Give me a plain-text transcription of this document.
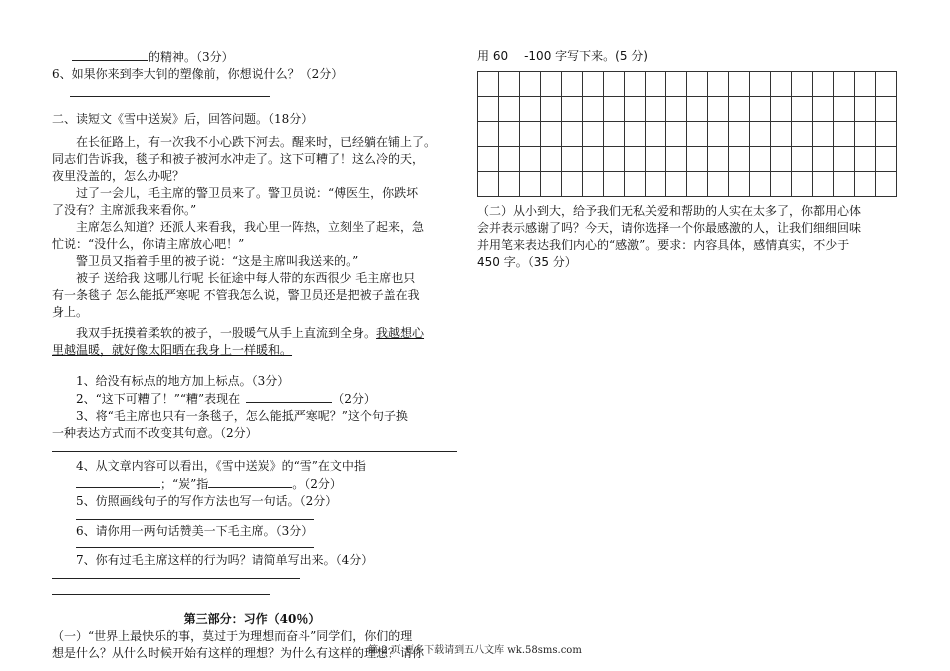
的精神。（3分）
6、如果你来到李大钊的塑像前，你想说什么？（2分）
二、读短文《雪中送炭》后，回答问题。（18分）
在长征路上，有一次我不小心跌下河去。醒来时，已经躺在铺上了。
同志们告诉我，毯子和被子被河水冲走了。这下可糟了！这么冷的天，
夜里没盖的，怎么办呢？
过了一会儿，毛主席的警卫员来了。警卫员说：“傅医生，你跌坏
了没有？主席派我来看你。”
主席怎么知道？还派人来看我，我心里一阵热，立刻坐了起来，急
忙说：“没什么，你请主席放心吧！”
警卫员又指着手里的被子说：“这是主席叫我送来的。”
被子 送给我 这哪儿行呢 长征途中每人带的东西很少 毛主席也只
有一条毯子 怎么能抵严寒呢 不管我怎么说，警卫员还是把被子盖在我
身上。
我双手抚摸着柔软的被子，一股暖气从手上直流到全身。我越想心
里越温暖，就好像太阳晒在我身上一样暖和。
1、给没有标点的地方加上标点。（3分）
2、“这下可糟了！”“糟”表现在	（2分）
3、将“毛主席也只有一条毯子，怎么能抵严寒呢？”这个句子换
一种表达方式而不改变其句意。（2分）
4、从文章内容可以看出，《雪中送炭》的“雪”在文中指
；“炭”指	。（2分）
5、仿照画线句子的写作方法也写一句话。（2分）
6、请你用一两句话赞美一下毛主席。（3分）
7、你有过毛主席这样的行为吗？请简单写出来。（4分）
第三部分：习作（40％）
（一）“世界上最快乐的事，莫过于为理想而奋斗”同学们，你们的理
想是什么？从什么时候开始有这样的理想？为什么有这样的理想？请你
用 60 -100 字写下来。(5 分)

（二）从小到大，给予我们无私关爱和帮助的人实在太多了，你都用心体
会并表示感谢了吗？今天，请你选择一个你最感激的人，让我们细细回味
并用笔来表达我们内心的“感激”。要求：内容具体，感情真实，不少于
450 字。（35 分）
第 2 页 更多下载请到五八文库 wk.58sms.com
